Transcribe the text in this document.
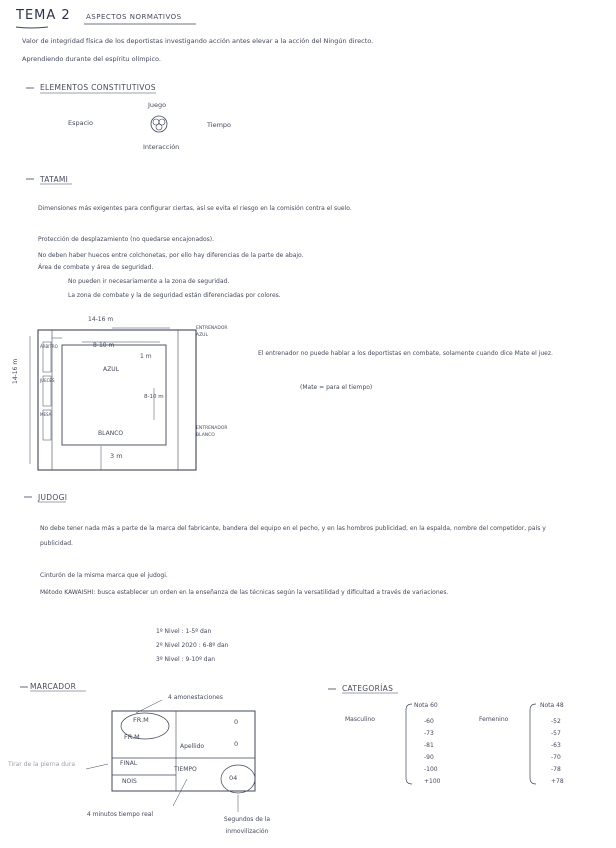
TEMA 2 ASPECTOS NORMATIVOS
Valor de integridad física de los deportistas investigando acción antes elevar a la acción del Ningún directo.
Aprendiendo durante del espíritu olímpico.
ELEMENTOS CONSTITUTIVOS
Juego
Espacio	Tiempo
Interacción
TATAMI
Dimensiones más exigentes para configurar ciertas, así se evita el riesgo en la comisión contra el suelo.
Protección de desplazamiento (no quedarse encajonados).
No deben haber huecos entre colchonetas, por ello hay diferencias de la parte de abajo.
Área de combate y área de seguridad.
No pueden ir necesariamente a la zona de seguridad.
La zona de combate y la de seguridad están diferenciadas por colores.
14-16 m
14-16 m
8-10 m
8-10 m
1 m
3 m
AZUL
BLANCO
ENTRENADOR AZUL
ENTRENADOR BLANCO
ÁRBITRO
JUECES
MESA
El entrenador no puede hablar a los deportistas en combate, solamente cuando dice Mate el juez.
(Mate = para el tiempo)
JUDOGI
No debe tener nada más a parte de la marca del fabricante, bandera del equipo en el pecho, y en las hombros publicidad, en la espalda, nombre del competidor, país y publicidad.
Cinturón de la misma marca que el judogi.
Método KAWAISHI: busca establecer un orden en la enseñanza de las técnicas según la versatilidad y dificultad a través de variaciones.
1º Nivel : 1-5º dan
2º Nivel 2020 : 6-8º dan
3º Nivel : 9-10º dan
MARCADOR
4 amonestaciones
FR.M
FR.M
Apellido
FINAL
NOIS
0
0
TIEMPO
04
Tirar de la pierna dura
4 minutos tiempo real
Segundos de la inmovilización
CATEGORÍAS
Masculino
Nota 60
-60
-73
-81
-90
-100
+100
Femenino
Nota 48
-52
-57
-63
-70
-78
+78
